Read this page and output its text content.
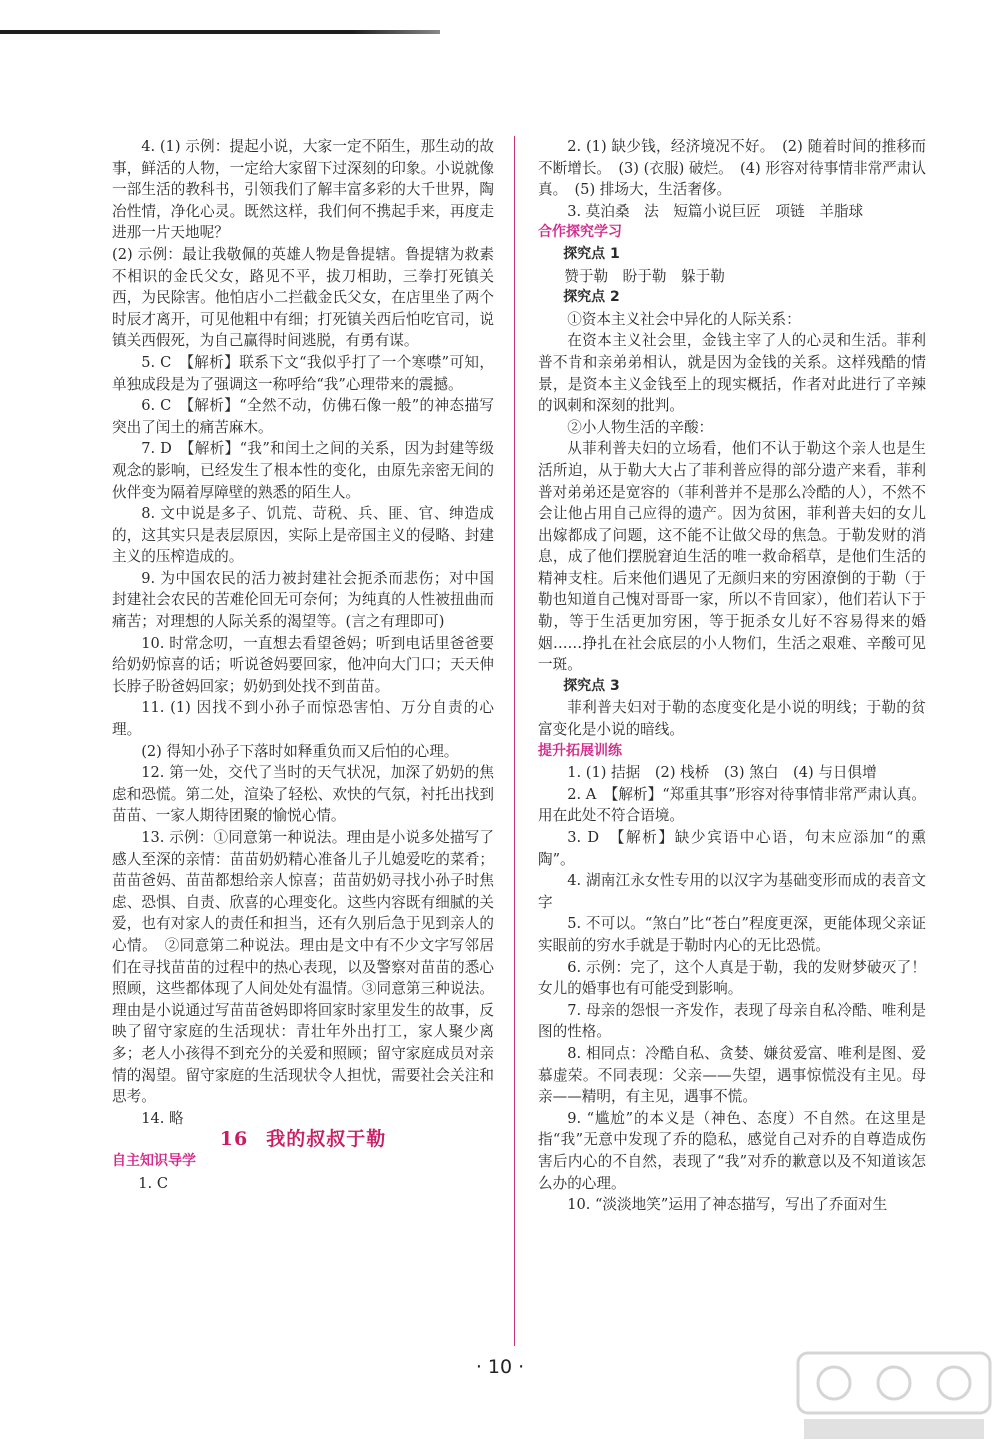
4. (1) 示例：提起小说，大家一定不陌生，那生动的故事，鲜活的人物，一定给大家留下过深刻的印象。小说就像一部生活的教科书，引领我们了解丰富多彩的大千世界，陶冶性情，净化心灵。既然这样，我们何不携起手来，再度走进那一片天地呢？

(2) 示例：最让我敬佩的英雄人物是鲁提辖。鲁提辖为救素不相识的金氏父女，路见不平，拔刀相助，三拳打死镇关西，为民除害。他怕店小二拦截金氏父女，在店里坐了两个时辰才离开，可见他粗中有细；打死镇关西后怕吃官司，说镇关西假死，为自己赢得时间逃脱，有勇有谋。

5. C　【解析】联系下文“我似乎打了一个寒噤”可知，单独成段是为了强调这一称呼给“我”心理带来的震撼。

6. C　【解析】“全然不动，仿佛石像一般”的神态描写突出了闰土的痛苦麻木。

7. D　【解析】“我”和闰土之间的关系，因为封建等级观念的影响，已经发生了根本性的变化，由原先亲密无间的伙伴变为隔着厚障壁的熟悉的陌生人。

8. 文中说是多子、饥荒、苛税、兵、匪、官、绅造成的，这其实只是表层原因，实际上是帝国主义的侵略、封建主义的压榨造成的。

9. 为中国农民的活力被封建社会扼杀而悲伤；对中国封建社会农民的苦难伦回无可奈何；为纯真的人性被扭曲而痛苦；对理想的人际关系的渴望等。(言之有理即可)

10. 时常念叨，一直想去看望爸妈；听到电话里爸爸要给奶奶惊喜的话；听说爸妈要回家，他冲向大门口；天天伸长脖子盼爸妈回家；奶奶到处找不到苗苗。

11. (1) 因找不到小孙子而惊恐害怕、万分自责的心理。

(2) 得知小孙子下落时如释重负而又后怕的心理。

12. 第一处，交代了当时的天气状况，加深了奶奶的焦虑和恐慌。第二处，渲染了轻松、欢快的气氛，衬托出找到苗苗、一家人期待团聚的愉悦心情。

13. 示例：①同意第一种说法。理由是小说多处描写了感人至深的亲情：苗苗奶奶精心准备儿子儿媳爱吃的菜肴；苗苗爸妈、苗苗都想给亲人惊喜；苗苗奶奶寻找小孙子时焦虑、恐惧、自责、欣喜的心理变化。这些内容既有细腻的关爱，也有对家人的责任和担当，还有久别后急于见到亲人的心情。　②同意第二种说法。理由是文中有不少文字写邻居们在寻找苗苗的过程中的热心表现，以及警察对苗苗的悉心照顾，这些都体现了人间处处有温情。③同意第三种说法。理由是小说通过写苗苗爸妈即将回家时家里发生的故事，反映了留守家庭的生活现状：青壮年外出打工，家人聚少离多；老人小孩得不到充分的关爱和照顾；留守家庭成员对亲情的渴望。留守家庭的生活现状令人担忧，需要社会关注和思考。

14. 略

16 我的叔叔于勒

自主知识导学

1. C

2. (1) 缺少钱，经济境况不好。　(2) 随着时间的推移而不断增长。　(3) (衣服) 破烂。　(4) 形容对待事情非常严肃认真。　(5) 排场大，生活奢侈。

3. 莫泊桑　法　短篇小说巨匠　项链　羊脂球

合作探究学习

探究点 1

赞于勒　盼于勒　躲于勒

探究点 2

①资本主义社会中异化的人际关系：

在资本主义社会里，金钱主宰了人的心灵和生活。菲利普不肯和亲弟弟相认，就是因为金钱的关系。这样残酷的情景，是资本主义金钱至上的现实概括，作者对此进行了辛辣的讽刺和深刻的批判。

②小人物生活的辛酸：

从菲利普夫妇的立场看，他们不认于勒这个亲人也是生活所迫，从于勒大大占了菲利普应得的部分遗产来看，菲利普对弟弟还是宽容的（菲利普并不是那么冷酷的人），不然不会让他占用自己应得的遗产。因为贫困，菲利普夫妇的女儿出嫁都成了问题，这不能不让做父母的焦急。于勒发财的消息，成了他们摆脱窘迫生活的唯一救命稻草，是他们生活的精神支柱。后来他们遇见了无颜归来的穷困潦倒的于勒（于勒也知道自己愧对哥哥一家，所以不肯回家），他们若认下于勒，等于生活更加穷困，等于扼杀女儿好不容易得来的婚姻……挣扎在社会底层的小人物们，生活之艰难、辛酸可见一斑。

探究点 3

菲利普夫妇对于勒的态度变化是小说的明线；于勒的贫富变化是小说的暗线。

提升拓展训练

1. (1) 拮据　(2) 栈桥　(3) 煞白　(4) 与日俱增

2. A　【解析】“郑重其事”形容对待事情非常严肃认真。用在此处不符合语境。

3. D　【解析】缺少宾语中心语，句末应添加“的熏陶”。

4. 湖南江永女性专用的以汉字为基础变形而成的表音文字

5. 不可以。“煞白”比“苍白”程度更深，更能体现父亲证实眼前的穷水手就是于勒时内心的无比恐慌。

6. 示例：完了，这个人真是于勒，我的发财梦破灭了！女儿的婚事也有可能受到影响。

7. 母亲的怨恨一齐发作，表现了母亲自私冷酷、唯利是图的性格。

8. 相同点：冷酷自私、贪婪、嫌贫爱富、唯利是图、爱慕虚荣。不同表现：父亲——失望，遇事惊慌没有主见。母亲——精明，有主见，遇事不慌。

9. “尴尬”的本义是（神色、态度）不自然。在这里是指“我”无意中发现了乔的隐私，感觉自己对乔的自尊造成伤害后内心的不自然，表现了“我”对乔的歉意以及不知道该怎么办的心理。

10. “淡淡地笑”运用了神态描写，写出了乔面对生

· 10 ·
